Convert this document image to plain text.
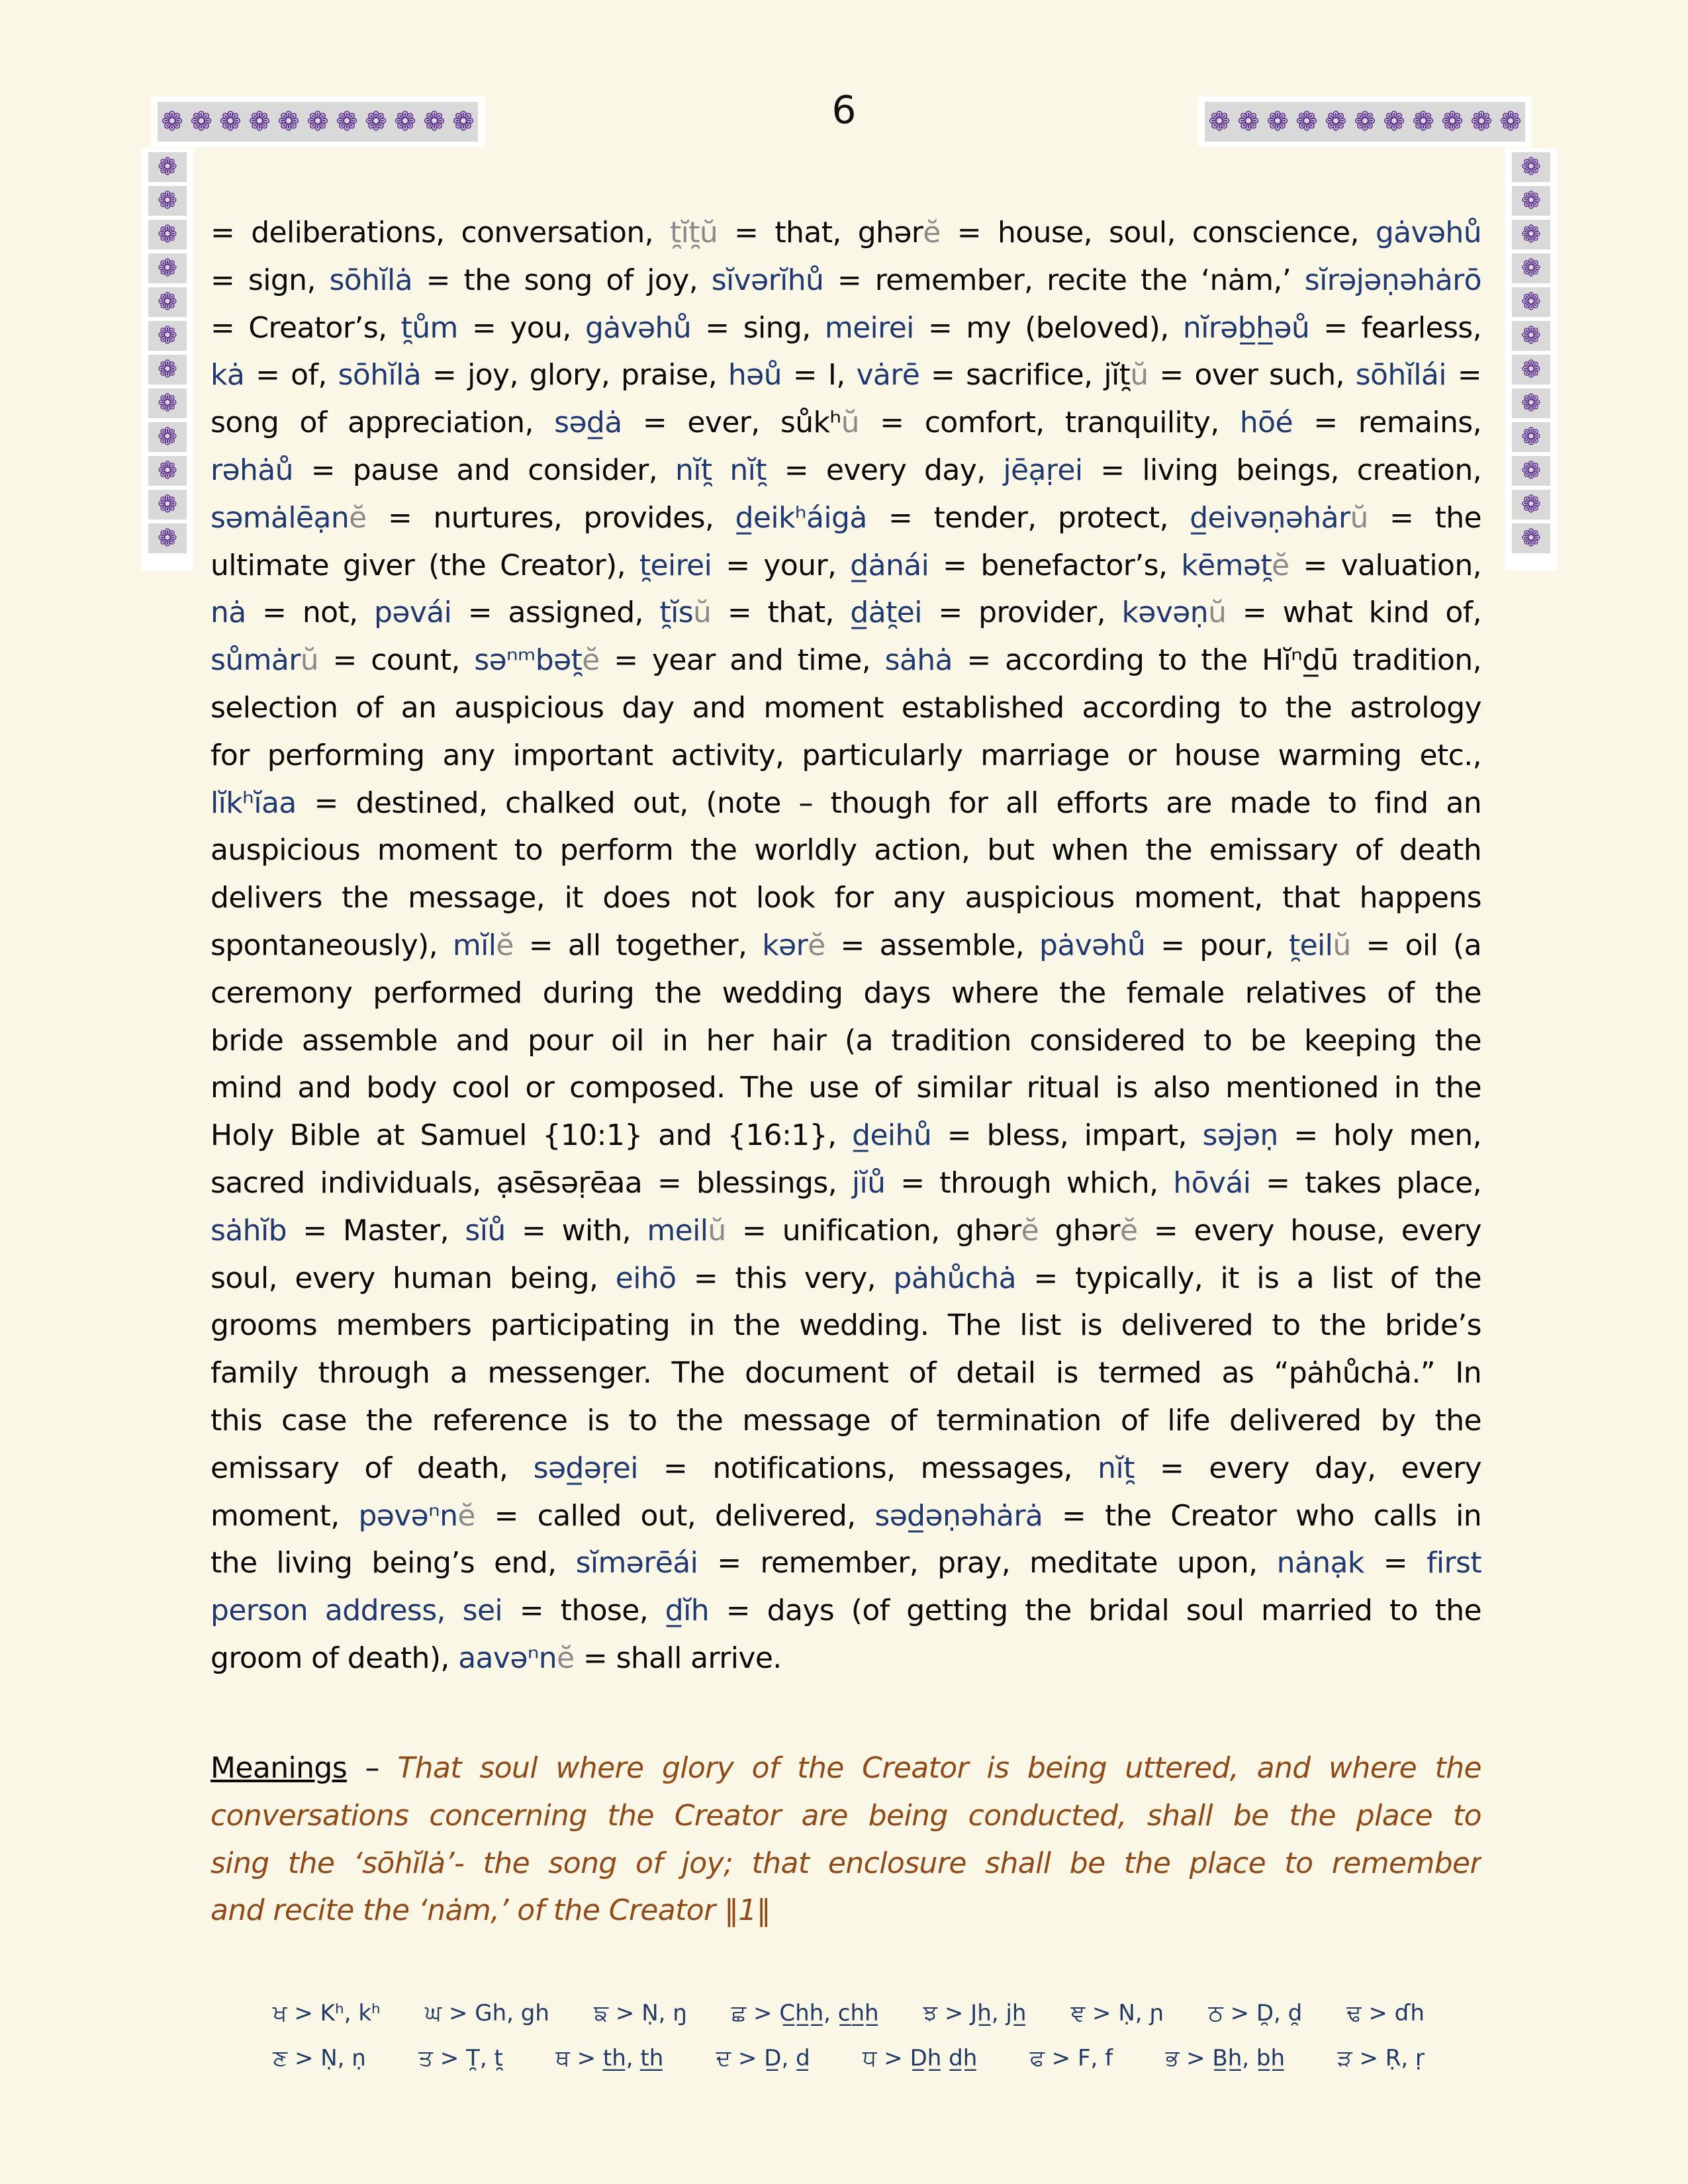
6
❁ ❁ ❁ ❁ ❁ ❁ ❁ ❁ ❁ ❁ ❁	❁ ❁ ❁ ❁ ❁ ❁ ❁ ❁ ❁ ❁ ❁
❁
❁
❁
❁
❁
❁
❁
❁
❁
❁
❁
❁
❁
❁
❁
❁
❁
❁
❁
❁
❁
❁
❁
❁
= deliberations, conversation, t̯ĭt̯ŭ = that, ghərĕ = house, soul, conscience, gȧvəhů
= sign, sōhĭlȧ = the song of joy, sĭvərĭhů = remember, recite the ‘nȧm,’ sĭrəjəṇəhȧrō
= Creator’s, t̯ům = you, gȧvəhů = sing, meirei = my (beloved), nĭrəb̲h̲əů = fearless,
kȧ = of, sōhĭlȧ = joy, glory, praise, həů = I, vȧrē = sacrifice, jĭt̯ŭ = over such, sōhĭlái =
song of appreciation, səd̲ȧ = ever, sůkʰŭ = comfort, tranquility, hōé = remains,
rəhȧů = pause and consider, nĭt̯ nĭt̯ = every day, jēạṛei = living beings, creation,
səmȧlēạnĕ = nurtures, provides, d̲eikʰáigȧ = tender, protect, d̲eivəṇəhȧrŭ = the
ultimate giver (the Creator), t̯eirei = your, d̲ȧnái = benefactor’s, kēmət̯ĕ = valuation,
nȧ = not, pəvái = assigned, t̯ĭsŭ = that, d̲ȧt̯ei = provider, kəvəṇŭ = what kind of,
sůmȧrŭ = count, səⁿᵐbət̯ĕ = year and time, sȧhȧ = according to the Hĭⁿd̲ū tradition,
selection of an auspicious day and moment established according to the astrology
for performing any important activity, particularly marriage or house warming etc.,
lĭkʰĭaa = destined, chalked out, (note – though for all efforts are made to find an
auspicious moment to perform the worldly action, but when the emissary of death
delivers the message, it does not look for any auspicious moment, that happens
spontaneously), mĭlĕ = all together, kərĕ = assemble, pȧvəhů = pour, t̯eilŭ = oil (a
ceremony performed during the wedding days where the female relatives of the
bride assemble and pour oil in her hair (a tradition considered to be keeping the
mind and body cool or composed. The use of similar ritual is also mentioned in the
Holy Bible at Samuel {10:1} and {16:1}, d̲eihů = bless, impart, səjəṇ = holy men,
sacred individuals, ạsēsəṛēaa = blessings, jĭů = through which, hōvái = takes place,
sȧhĭb = Master, sĭů = with, meilŭ = unification, ghərĕ ghərĕ = every house, every
soul, every human being, eihō = this very, pȧhůchȧ = typically, it is a list of the
grooms members participating in the wedding. The list is delivered to the bride’s
family through a messenger. The document of detail is termed as “pȧhůchȧ.” In
this case the reference is to the message of termination of life delivered by the
emissary of death, səd̲əṛei = notifications, messages, nĭt̯ = every day, every
moment, pəvəⁿnĕ = called out, delivered, səd̲əṇəhȧrȧ = the Creator who calls in
the living being’s end, sĭmərēái = remember, pray, meditate upon, nȧnạk = first
person address, sei = those, d̲ĭh = days (of getting the bridal soul married to the
groom of death), aavəⁿnĕ = shall arrive.
Meanings – That soul where glory of the Creator is being uttered, and where the
conversations concerning the Creator are being conducted, shall be the place to
sing the ‘sōhĭlȧ’- the song of joy; that enclosure shall be the place to remember
and recite the ‘nȧm,’ of the Creator ‖1‖
ਖ > Kʰ, kʰ ਘ > Gh, gh ਙ > Ṇ, ŋ ਛ > C̲h̲h̲, c̲h̲h̲ ਝ > Jh̲, jh̲ ਞ > Ṇ, ɲ ਠ > D̯, d̯ ਢ > ɗh
ਣ > Ṇ, ṇ ਤ > T̯, t̯ ਥ > t̲h̲, t̲h̲ ਦ > D̲, d̲ ਧ > D̲h̲ d̲h̲ ਫ > F, f ਭ > B̲h̲, b̲h̲ ੜ > Ṛ, ṛ
